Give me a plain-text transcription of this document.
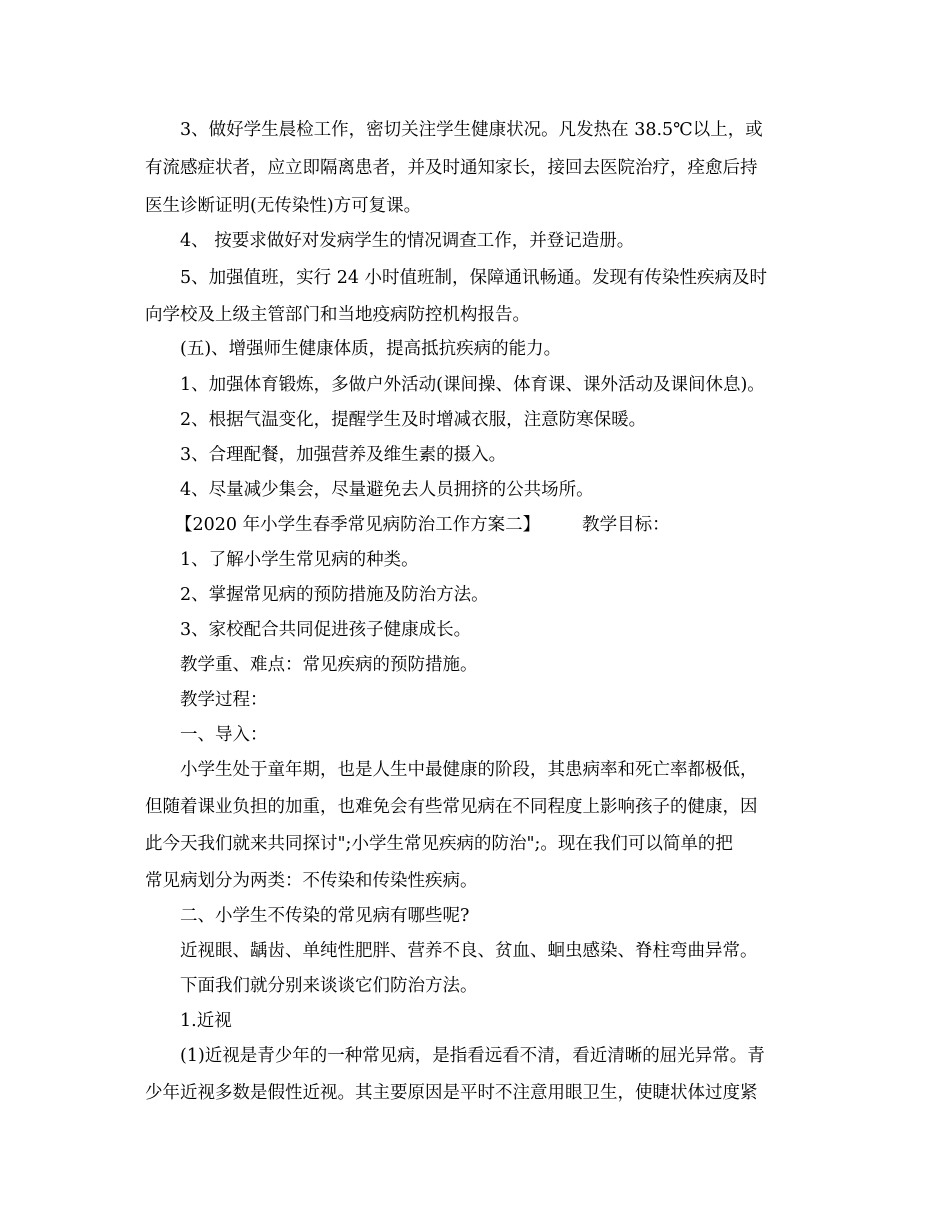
3、做好学生晨检工作，密切关注学生健康状况。凡发热在 38.5℃以上，或
有流感症状者，应立即隔离患者，并及时通知家长，接回去医院治疗，痊愈后持
医生诊断证明(无传染性)方可复课。
4、 按要求做好对发病学生的情况调查工作，并登记造册。
5、加强值班，实行 24 小时值班制，保障通讯畅通。发现有传染性疾病及时
向学校及上级主管部门和当地疫病防控机构报告。
(五)、增强师生健康体质，提高抵抗疾病的能力。
1、加强体育锻炼，多做户外活动(课间操、体育课、课外活动及课间休息)。
2、根据气温变化，提醒学生及时增减衣服，注意防寒保暖。
3、合理配餐，加强营养及维生素的摄入。
4、尽量减少集会，尽量避免去人员拥挤的公共场所。
【2020 年小学生春季常见病防治工作方案二】 教学目标：
1、了解小学生常见病的种类。
2、掌握常见病的预防措施及防治方法。
3、家校配合共同促进孩子健康成长。
教学重、难点：常见疾病的预防措施。
教学过程：
一、导入：
小学生处于童年期，也是人生中最健康的阶段，其患病率和死亡率都极低，
但随着课业负担的加重，也难免会有些常见病在不同程度上影响孩子的健康，因
此今天我们就来共同探讨";小学生常见疾病的防治";。现在我们可以简单的把
常见病划分为两类：不传染和传染性疾病。
二、小学生不传染的常见病有哪些呢?
近视眼、龋齿、单纯性肥胖、营养不良、贫血、蛔虫感染、脊柱弯曲异常。
下面我们就分别来谈谈它们防治方法。
1.近视
(1)近视是青少年的一种常见病，是指看远看不清，看近清晰的屈光异常。青
少年近视多数是假性近视。其主要原因是平时不注意用眼卫生，使睫状体过度紧
